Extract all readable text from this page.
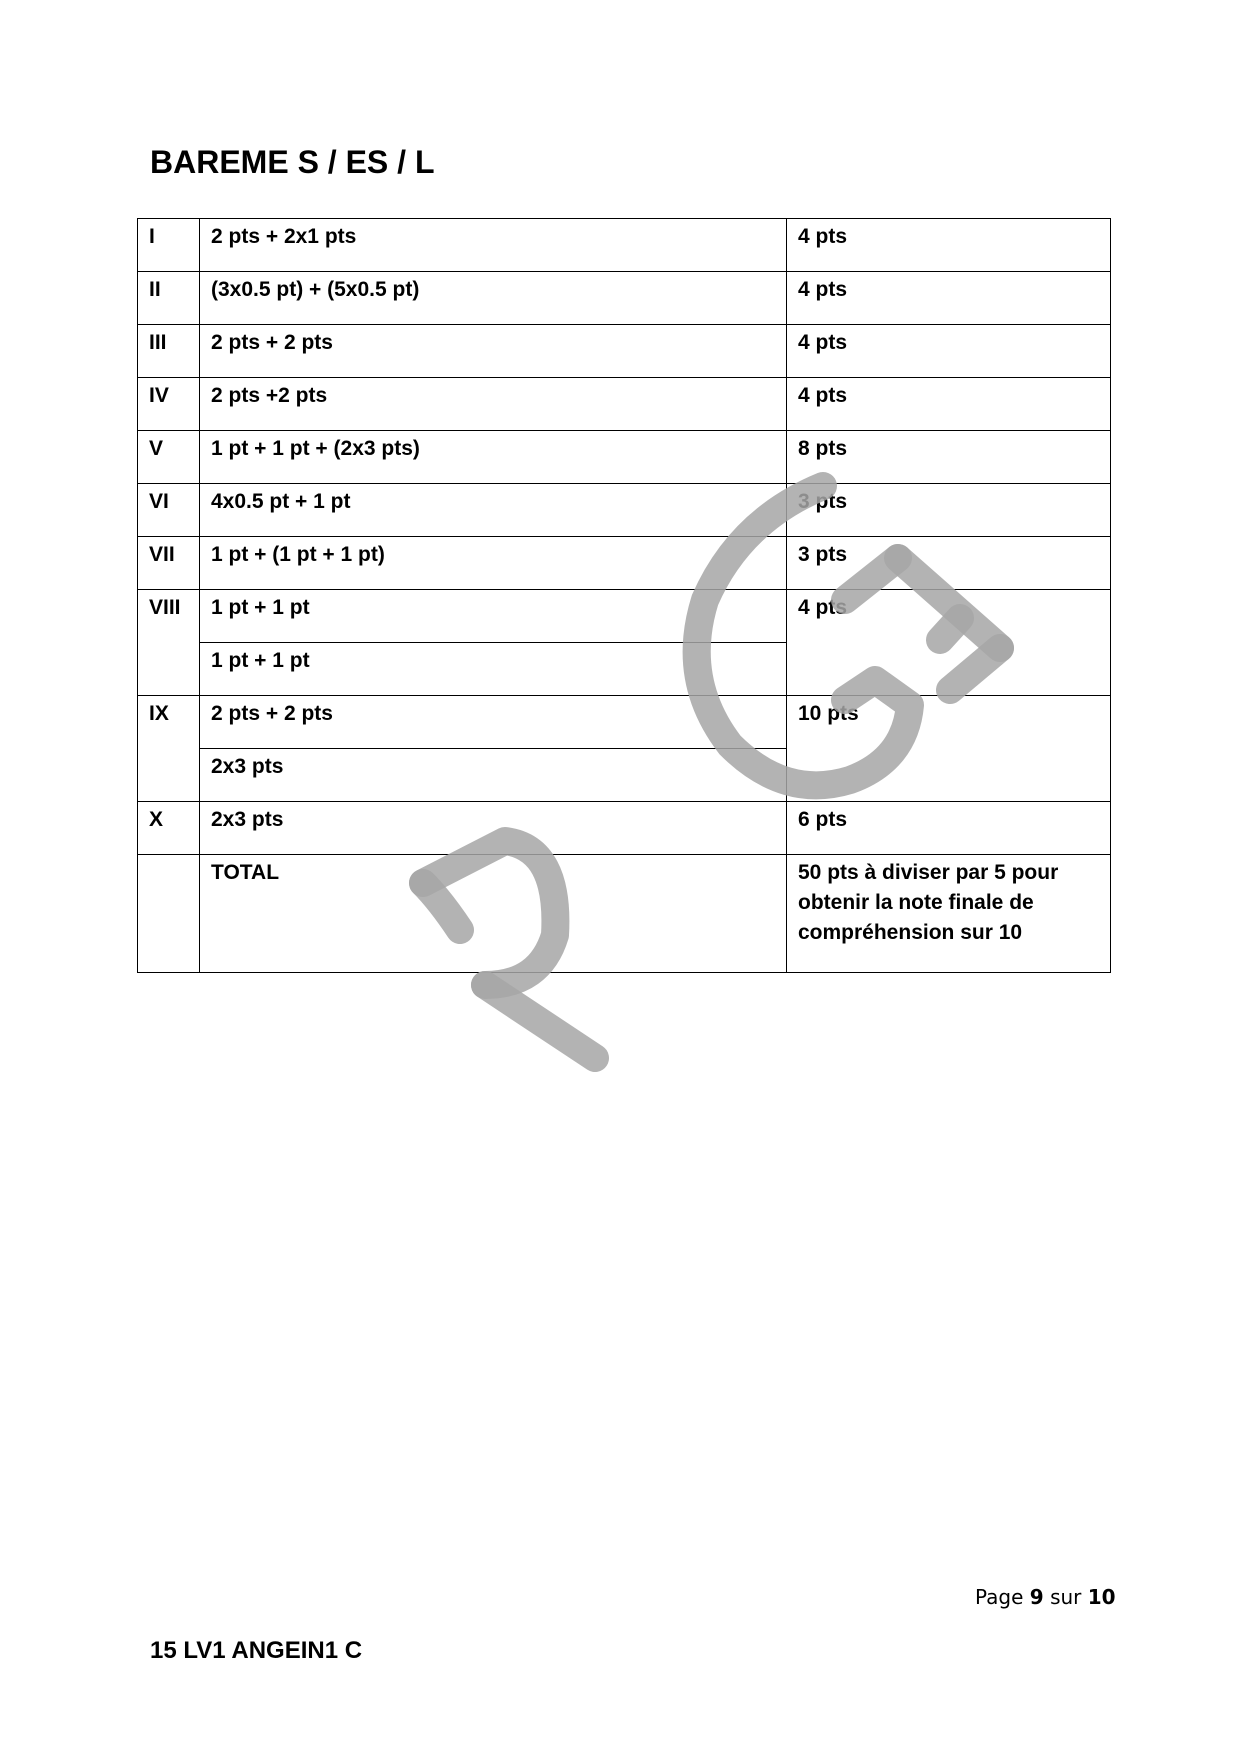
BAREME S / ES / L
I	2 pts + 2x1 pts	4 pts
II	(3x0.5 pt) + (5x0.5 pt)	4 pts
III	2 pts + 2 pts	4 pts
IV	2 pts +2 pts	4 pts
V	1 pt + 1 pt + (2x3 pts)	8 pts
VI	4x0.5 pt + 1 pt	3 pts
VII	1 pt + (1 pt + 1 pt)	3 pts
VIII	1 pt + 1 pt	4 pts
	1 pt + 1 pt	
IX	2 pts + 2 pts	10 pts
	2x3 pts	
X	2x3 pts	6 pts
	TOTAL	50 pts à diviser par 5 pour obtenir la note finale de compréhension sur 10
Page 9 sur 10
15 LV1 ANGEIN1 C
